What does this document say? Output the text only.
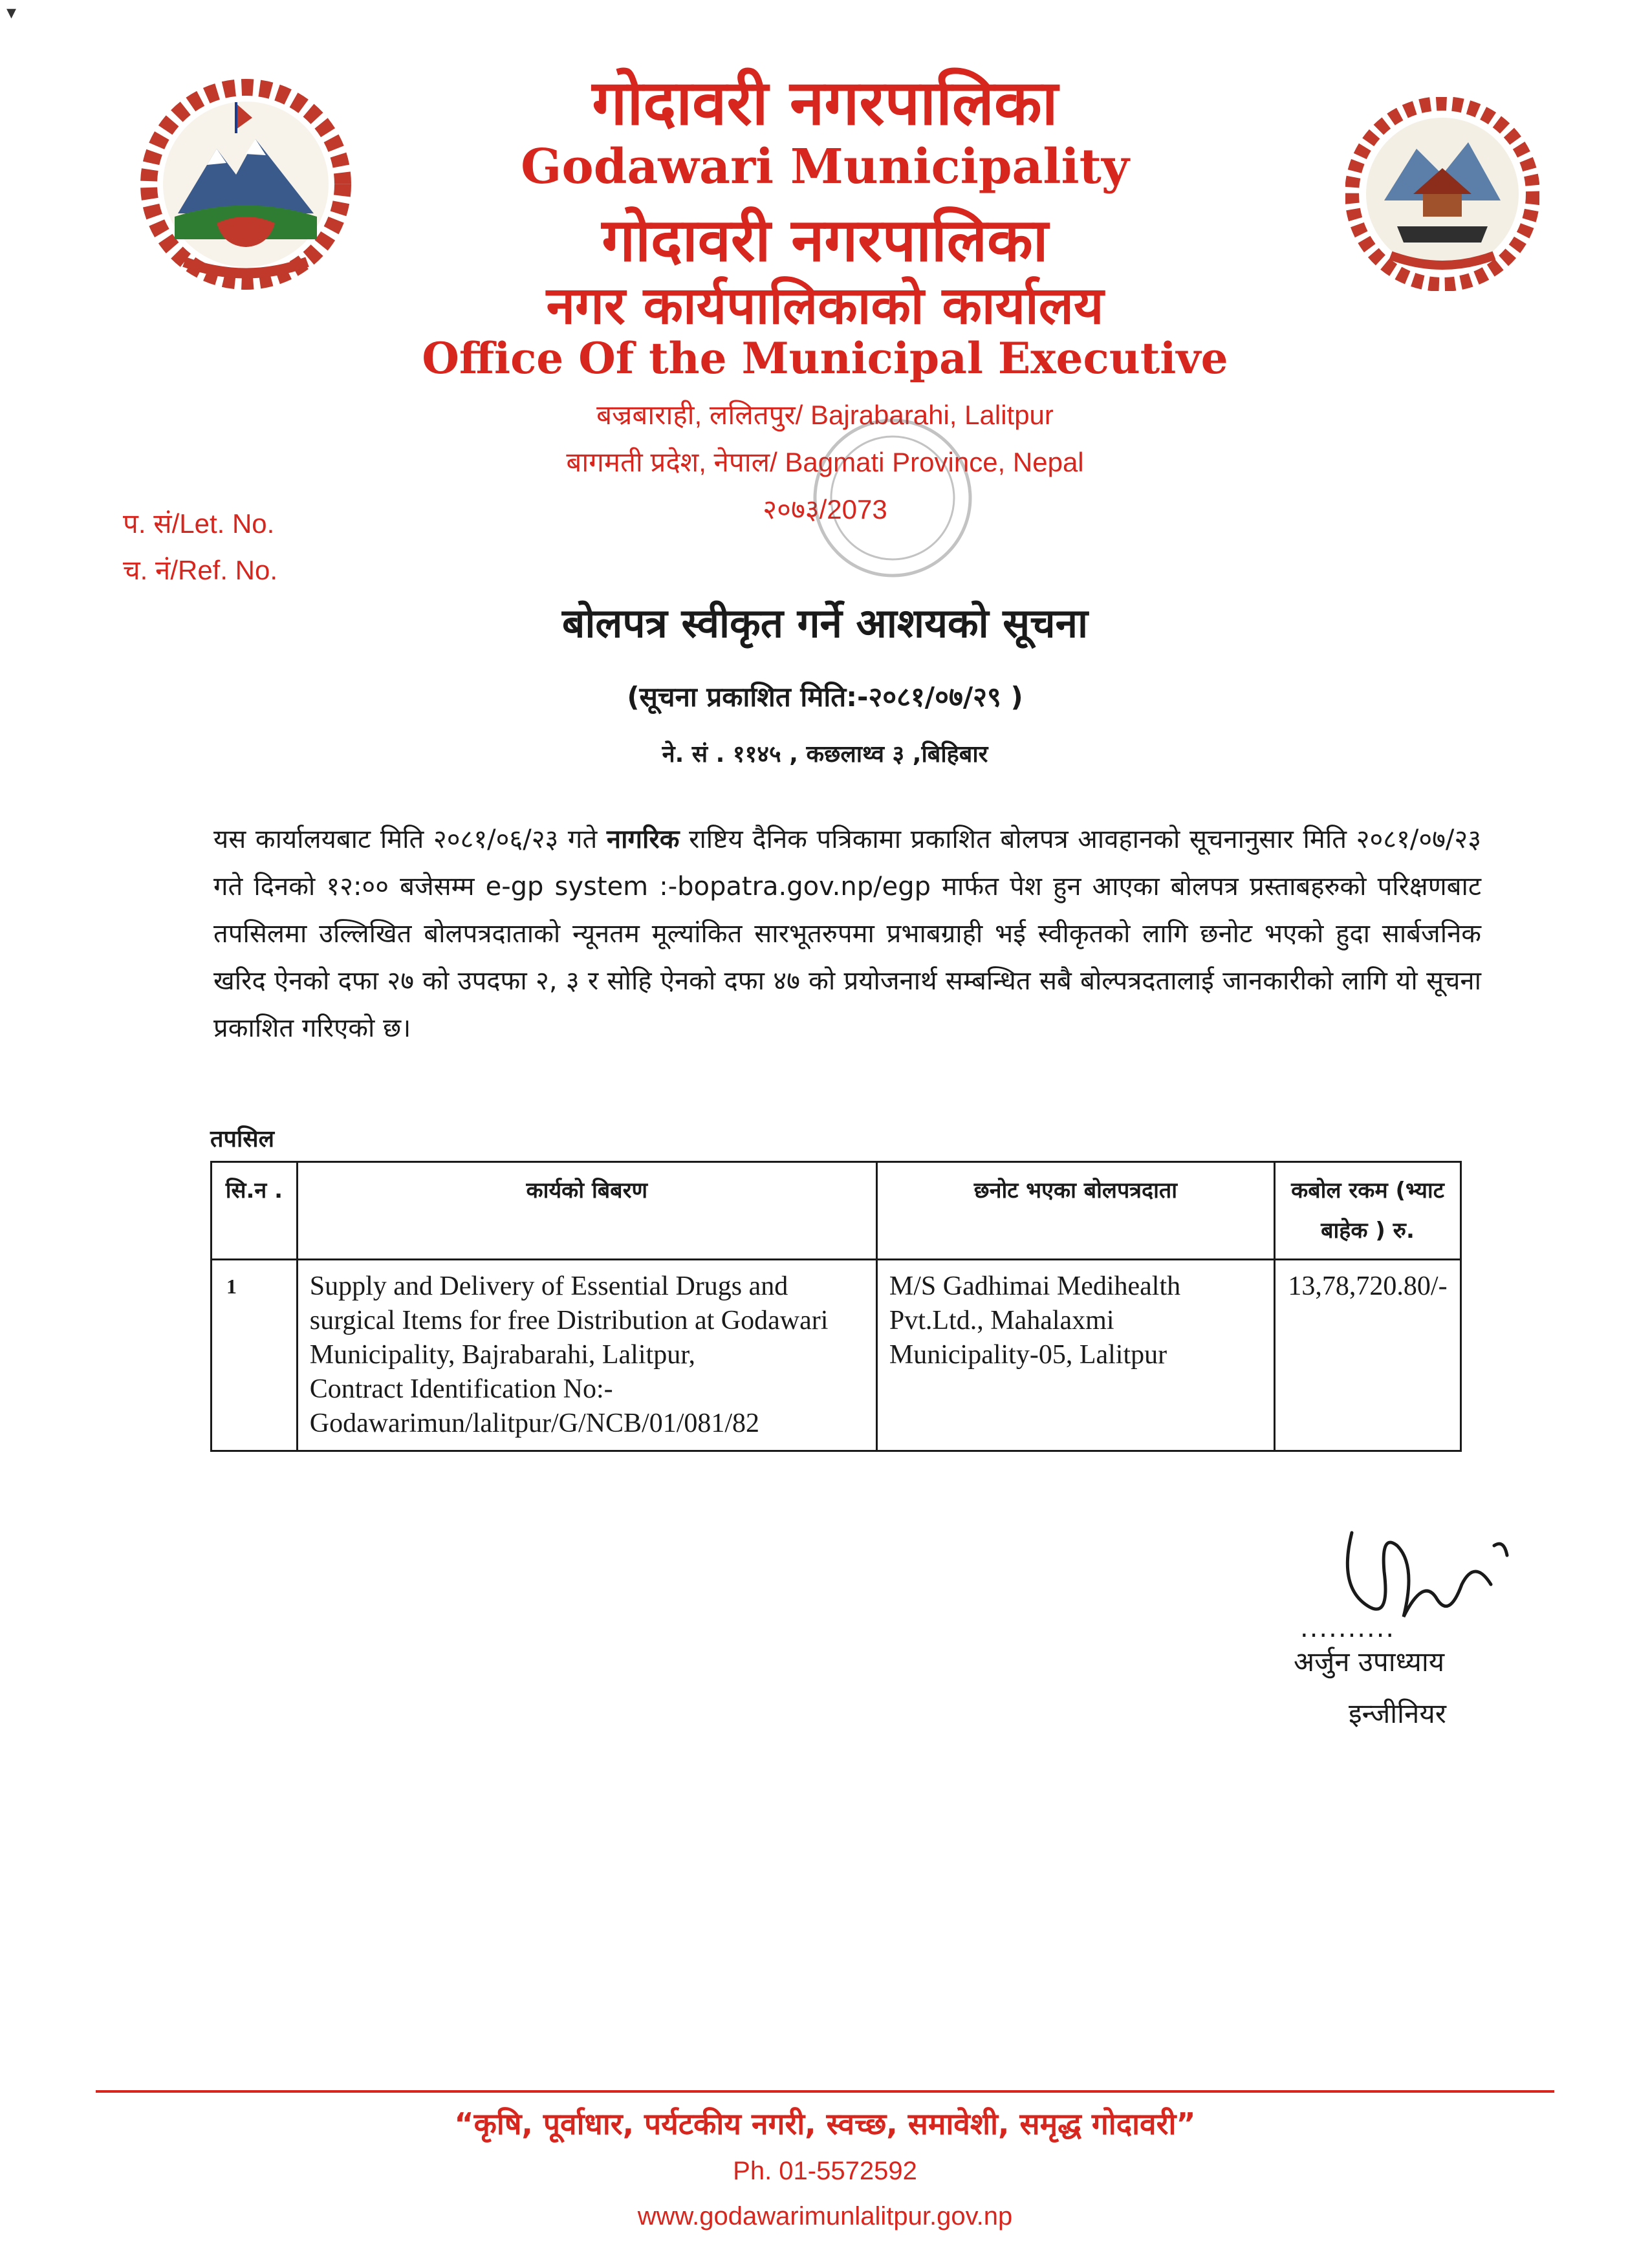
▾
गोदावरी नगरपालिका
Godawari Municipality
गोदावरी नगरपालिका
नगर कार्यपालिकाको कार्यालय
Office Of the Municipal Executive
बज्रबाराही, ललितपुर/ Bajrabarahi, Lalitpur
बागमती प्रदेश, नेपाल/ Bagmati Province, Nepal
२०७३/2073
प. सं/Let. No.
च. नं/Ref. No.
बोलपत्र स्वीकृत गर्ने आशयको सूचना
(सूचना प्रकाशित मिति:-२०८१/०७/२९ )
ने. सं . ११४५ , कछलाथ्व ३ ,बिहिबार
यस कार्यालयबाट मिति २०८१/०६/२३ गते नागरिक राष्टिय दैनिक पत्रिकामा प्रकाशित बोलपत्र आवहानको सूचनानुसार मिति २०८१/०७/२३ गते दिनको १२:०० बजेसम्म e-gp system :-bopatra.gov.np/egp मार्फत पेश हुन आएका बोलपत्र प्रस्ताबहरुको परिक्षणबाट तपसिलमा उल्लिखित बोलपत्रदाताको न्यूनतम मूल्यांकित सारभूतरुपमा प्रभाबग्राही भई स्वीकृतको लागि छनोट भएको हुदा सार्बजनिक खरिद ऐनको दफा २७ को उपदफा २, ३ र सोहि ऐनको दफा ४७ को प्रयोजनार्थ सम्बन्धित सबै बोल्पत्रदतालाई जानकारीको लागि यो सूचना प्रकाशित गरिएको छ।
तपसिल
सि.न .	कार्यको बिबरण	छनोट भएका बोलपत्रदाता	कबोल रकम (भ्याट बाहेक ) रु.
1	Supply and Delivery of Essential Drugs and surgical Items for free Distribution at Godawari Municipality, Bajrabarahi, Lalitpur,
Contract Identification No:-
Godawarimun/lalitpur/G/NCB/01/081/82	M/S Gadhimai Medihealth Pvt.Ltd., Mahalaxmi Municipality-05, Lalitpur	13,78,720.80/-
..........
अर्जुन उपाध्याय
इन्जीनियर
“कृषि, पूर्वाधार, पर्यटकीय नगरी, स्वच्छ, समावेशी, समृद्ध गोदावरी”
Ph. 01-5572592
www.godawarimunlalitpur.gov.np
